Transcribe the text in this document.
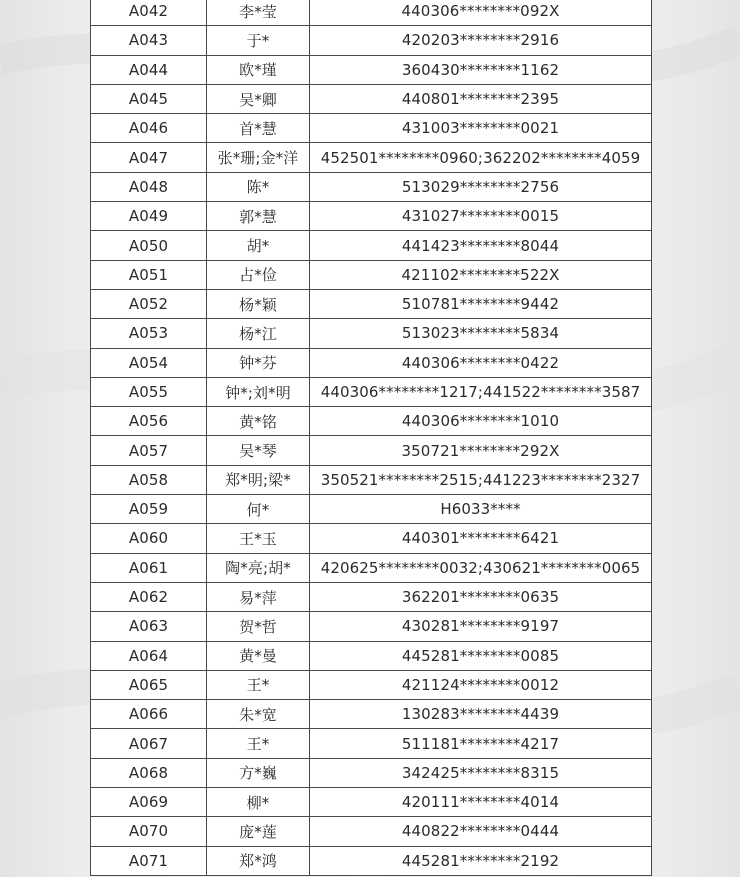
A042	李*莹	440306********092X
A043	于*	420203********2916
A044	欧*瑾	360430********1162
A045	吴*卿	440801********2395
A046	首*慧	431003********0021
A047	张*珊;金*洋	452501********0960;362202********4059
A048	陈*	513029********2756
A049	郭*慧	431027********0015
A050	胡*	441423********8044
A051	占*俭	421102********522X
A052	杨*颖	510781********9442
A053	杨*江	513023********5834
A054	钟*芬	440306********0422
A055	钟*;刘*明	440306********1217;441522********3587
A056	黄*铭	440306********1010
A057	吴*琴	350721********292X
A058	郑*明;梁*	350521********2515;441223********2327
A059	何*	H6033****
A060	王*玉	440301********6421
A061	陶*亮;胡*	420625********0032;430621********0065
A062	易*萍	362201********0635
A063	贺*哲	430281********9197
A064	黄*曼	445281********0085
A065	王*	421124********0012
A066	朱*宽	130283********4439
A067	王*	511181********4217
A068	方*巍	342425********8315
A069	柳*	420111********4014
A070	庞*莲	440822********0444
A071	郑*鸿	445281********2192
